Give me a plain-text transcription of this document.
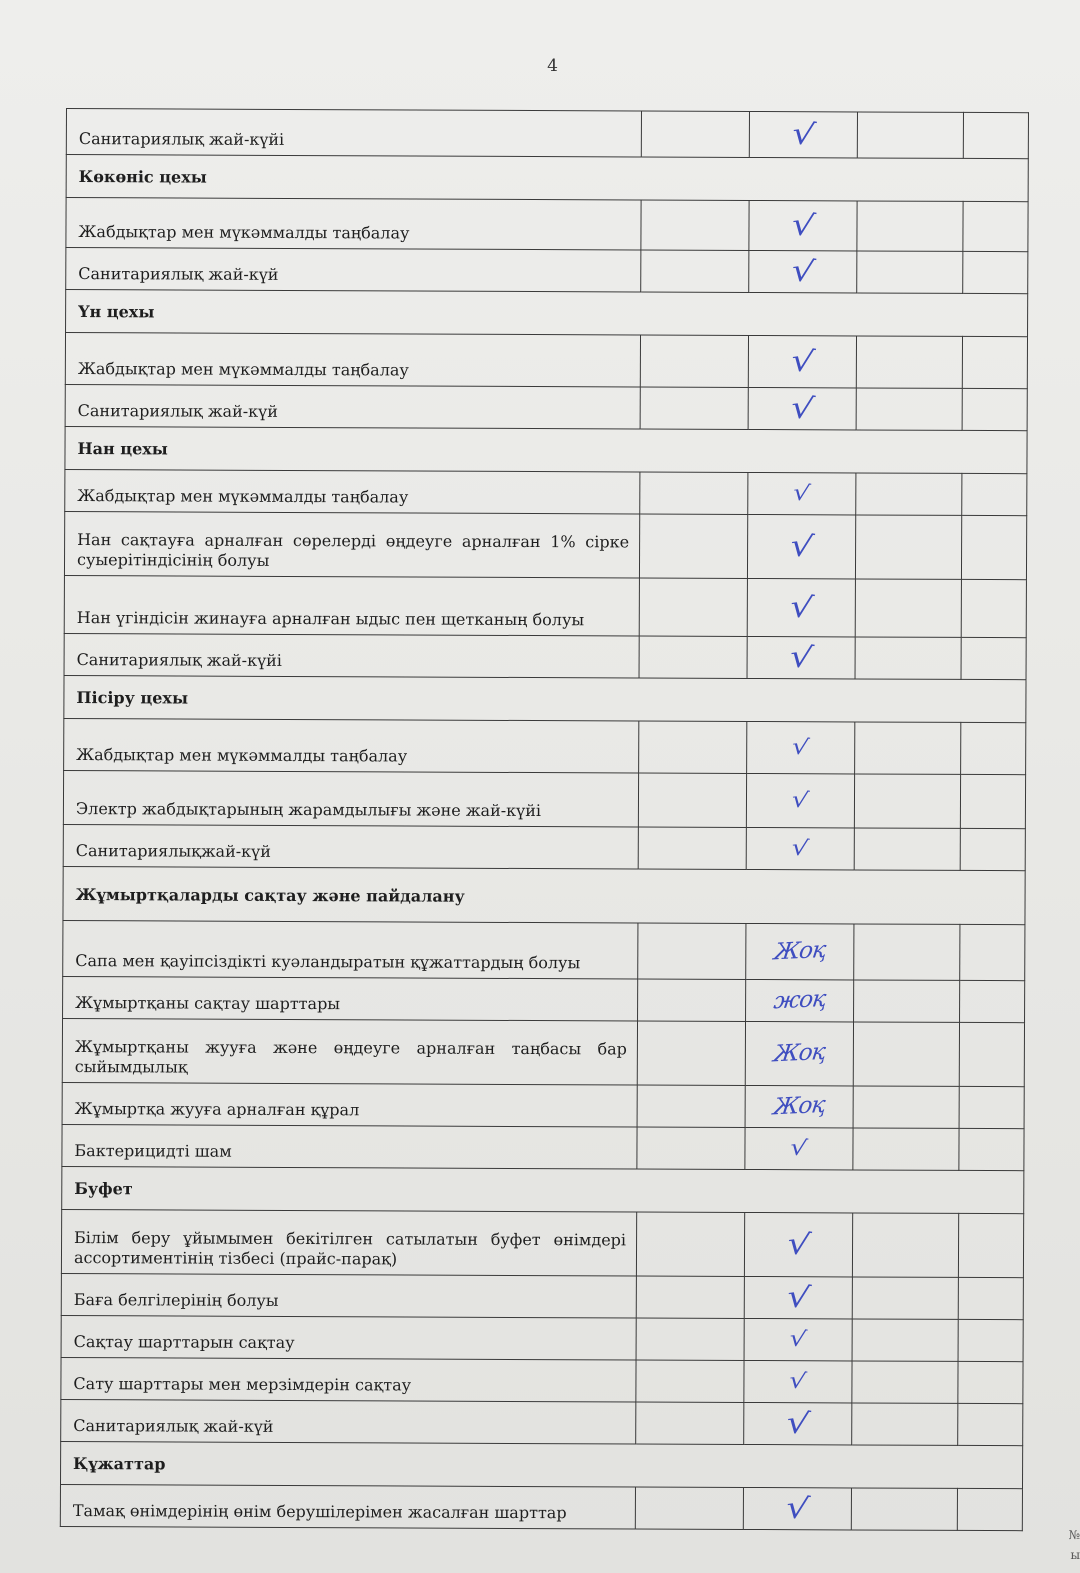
4
Санитариялық жай-күйі		√		
Көкөніс цехы				
Жабдықтар мен мүкәммалды таңбалау		√		
Санитариялық жай-күй		√		
Үн цехы				
Жабдықтар мен мүкәммалды таңбалау		√		
Санитариялық жай-күй		√		
Нан цехы				
Жабдықтар мен мүкәммалды таңбалау		√		
Нан сақтауға арналған сөрелерді өңдеуге арналған 1% сірке суыерітіндісінің болуы		√		
Нан үгіндісін жинауға арналған ыдыс пен щетканың болуы		√		
Санитариялық жай-күйі		√		
Пісіру цехы				
Жабдықтар мен мүкәммалды таңбалау		√		
Электр жабдықтарының жарамдылығы және жай-күйі		√		
Санитариялықжай-күй		√		
Жұмыртқаларды сақтау және пайдалану				
Сапа мен қауіпсіздікті куәландыратын құжаттардың болуы		Жоқ		
Жұмыртқаны сақтау шарттары		жоқ		
Жұмыртқаны жууға және өңдеуге арналған таңбасы бар сыйымдылық		Жоқ		
Жұмыртқа жууға арналған құрал		Жоқ		
Бактерицидті шам		√		
Буфет				
Білім беру ұйымымен бекітілген сатылатын буфет өнімдері ассортиментінің тізбесі (прайс-парақ)		√		
Баға белгілерінің болуы		√		
Сақтау шарттарын сақтау		√		
Сату шарттары мен мерзімдерін сақтау		√		
Санитариялық жай-күй		√		
Құжаттар				
Тамақ өнімдерінің өнім берушілерімен жасалған шарттар		√		
№ ы
